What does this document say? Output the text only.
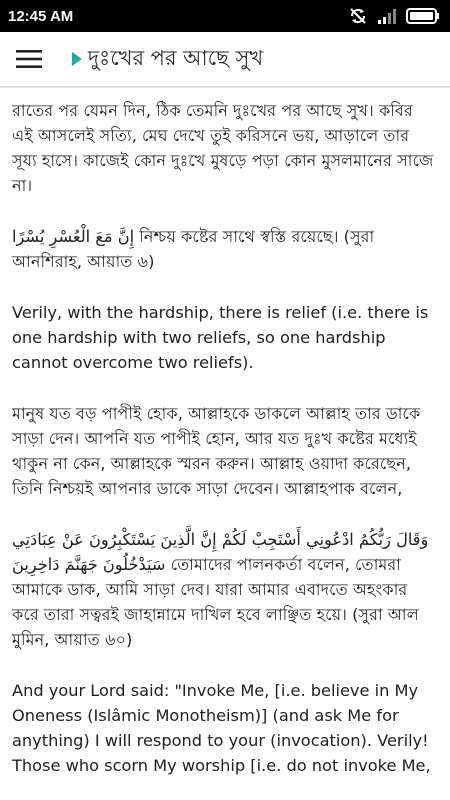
12:45 AM
দুঃখের পর আছে সুখ

রাতের পর যেমন দিন, ঠিক তেমনি দুঃখের পর আছে সুখ। কবির এই আসলেই সত্যি, মেঘ দেখে তুই করিসনে ভয়, আড়ালে তার সূয্য হাসে। কাজেই কোন দুঃখে মুষড়ে পড়া কোন মুসলমানের সাজে না।

إِنَّ مَعَ الْعُسْرِ يُسْرًا নিশ্চয় কষ্টের সাথে স্বস্তি রয়েছে। (সুরা আনশিরাহ, আয়াত ৬)

Verily, with the hardship, there is relief (i.e. there is one hardship with two reliefs, so one hardship cannot overcome two reliefs).

মানুষ যত বড় পাপীই হোক, আল্লাহকে ডাকলে আল্লাহ তার ডাকে সাড়া দেন। আপনি যত পাপীই হোন, আর যত দুঃখ কষ্টের মধ্যেই থাকুন না কেন, আল্লাহকে স্মরন করুন। আল্লাহ ওয়াদা করেছেন, তিনি নিশ্চয়ই আপনার ডাকে সাড়া দেবেন। আল্লাহপাক বলেন,

وَقَالَ رَبُّكُمُ ادْعُونِي أَسْتَجِبْ لَكُمْ إِنَّ الَّذِينَ يَسْتَكْبِرُونَ عَنْ عِبَادَتِي سَيَدْخُلُونَ جَهَنَّمَ دَاخِرِينَ তোমাদের পালনকর্তা বলেন, তোমরা আমাকে ডাক, আমি সাড়া দেব। যারা আমার এবাদতে অহংকার করে তারা সত্বরই জাহান্নামে দাখিল হবে লাঞ্ছিত হয়ে। (সুরা আল মুমিন, আয়াত ৬০)

And your Lord said: "Invoke Me, [i.e. believe in My Oneness (Islâmic Monotheism)] (and ask Me for anything) I will respond to your (invocation). Verily! Those who scorn My worship [i.e. do not invoke Me,
